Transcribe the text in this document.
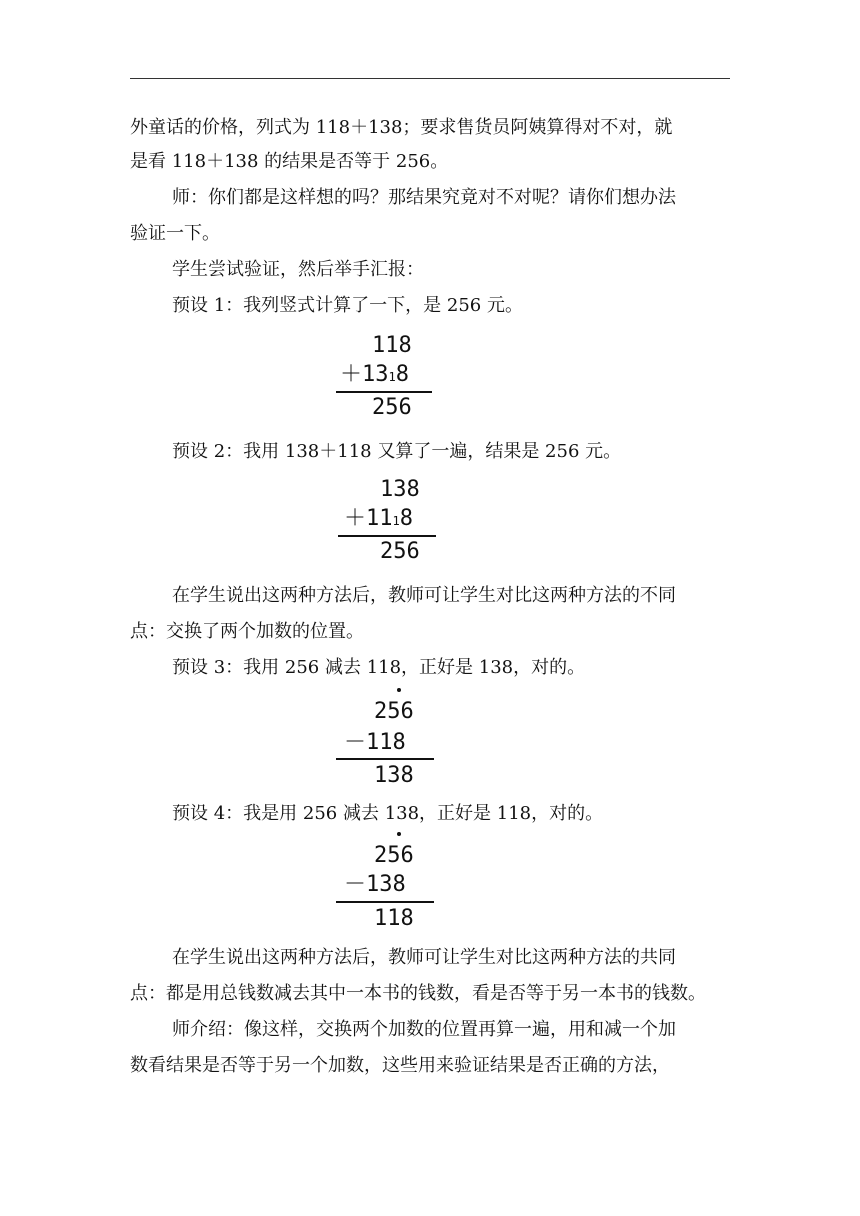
外童话的价格，列式为 118＋138；要求售货员阿姨算得对不对，就
是看 118＋138 的结果是否等于 256。
师：你们都是这样想的吗？那结果究竟对不对呢？请你们想办法
验证一下。
学生尝试验证，然后举手汇报：
预设 1：我列竖式计算了一下，是 256 元。
118
＋1318
256
预设 2：我用 138＋118 又算了一遍，结果是 256 元。
138
＋1118
256
在学生说出这两种方法后，教师可让学生对比这两种方法的不同
点：交换了两个加数的位置。
预设 3：我用 256 减去 118，正好是 138，对的。
256
－118
138
预设 4：我是用 256 减去 138，正好是 118，对的。
256
－138
118
在学生说出这两种方法后，教师可让学生对比这两种方法的共同
点：都是用总钱数减去其中一本书的钱数，看是否等于另一本书的钱数。
师介绍：像这样，交换两个加数的位置再算一遍，用和减一个加
数看结果是否等于另一个加数，这些用来验证结果是否正确的方法，
